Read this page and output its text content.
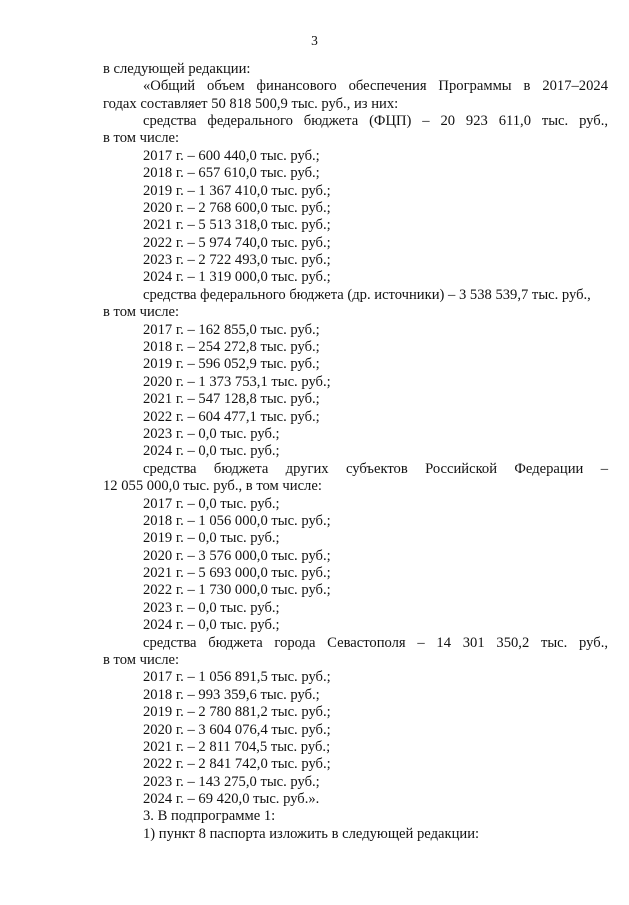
3
в следующей редакции:
«Общий объем финансового обеспечения Программы в 2017–2024
годах составляет 50 818 500,9 тыс. руб., из них:
средства федерального бюджета (ФЦП) – 20 923 611,0 тыс. руб.,
в том числе:
2017 г. – 600 440,0 тыс. руб.;
2018 г. – 657 610,0 тыс. руб.;
2019 г. – 1 367 410,0 тыс. руб.;
2020 г. – 2 768 600,0 тыс. руб.;
2021 г. – 5 513 318,0 тыс. руб.;
2022 г. – 5 974 740,0 тыс. руб.;
2023 г. – 2 722 493,0 тыс. руб.;
2024 г. – 1 319 000,0 тыс. руб.;
средства федерального бюджета (др. источники) – 3 538 539,7 тыс. руб.,
в том числе:
2017 г. – 162 855,0 тыс. руб.;
2018 г. – 254 272,8 тыс. руб.;
2019 г. – 596 052,9 тыс. руб.;
2020 г. – 1 373 753,1 тыс. руб.;
2021 г. – 547 128,8 тыс. руб.;
2022 г. – 604 477,1 тыс. руб.;
2023 г. – 0,0 тыс. руб.;
2024 г. – 0,0 тыс. руб.;
средства бюджета других субъектов Российской Федерации –
12 055 000,0 тыс. руб., в том числе:
2017 г. – 0,0 тыс. руб.;
2018 г. – 1 056 000,0 тыс. руб.;
2019 г. – 0,0 тыс. руб.;
2020 г. – 3 576 000,0 тыс. руб.;
2021 г. – 5 693 000,0 тыс. руб.;
2022 г. – 1 730 000,0 тыс. руб.;
2023 г. – 0,0 тыс. руб.;
2024 г. – 0,0 тыс. руб.;
средства бюджета города Севастополя – 14 301 350,2 тыс. руб.,
в том числе:
2017 г. – 1 056 891,5 тыс. руб.;
2018 г. – 993 359,6 тыс. руб.;
2019 г. – 2 780 881,2 тыс. руб.;
2020 г. – 3 604 076,4 тыс. руб.;
2021 г. – 2 811 704,5 тыс. руб.;
2022 г. – 2 841 742,0 тыс. руб.;
2023 г. – 143 275,0 тыс. руб.;
2024 г. – 69 420,0 тыс. руб.».
3. В подпрограмме 1:
1) пункт 8 паспорта изложить в следующей редакции:
